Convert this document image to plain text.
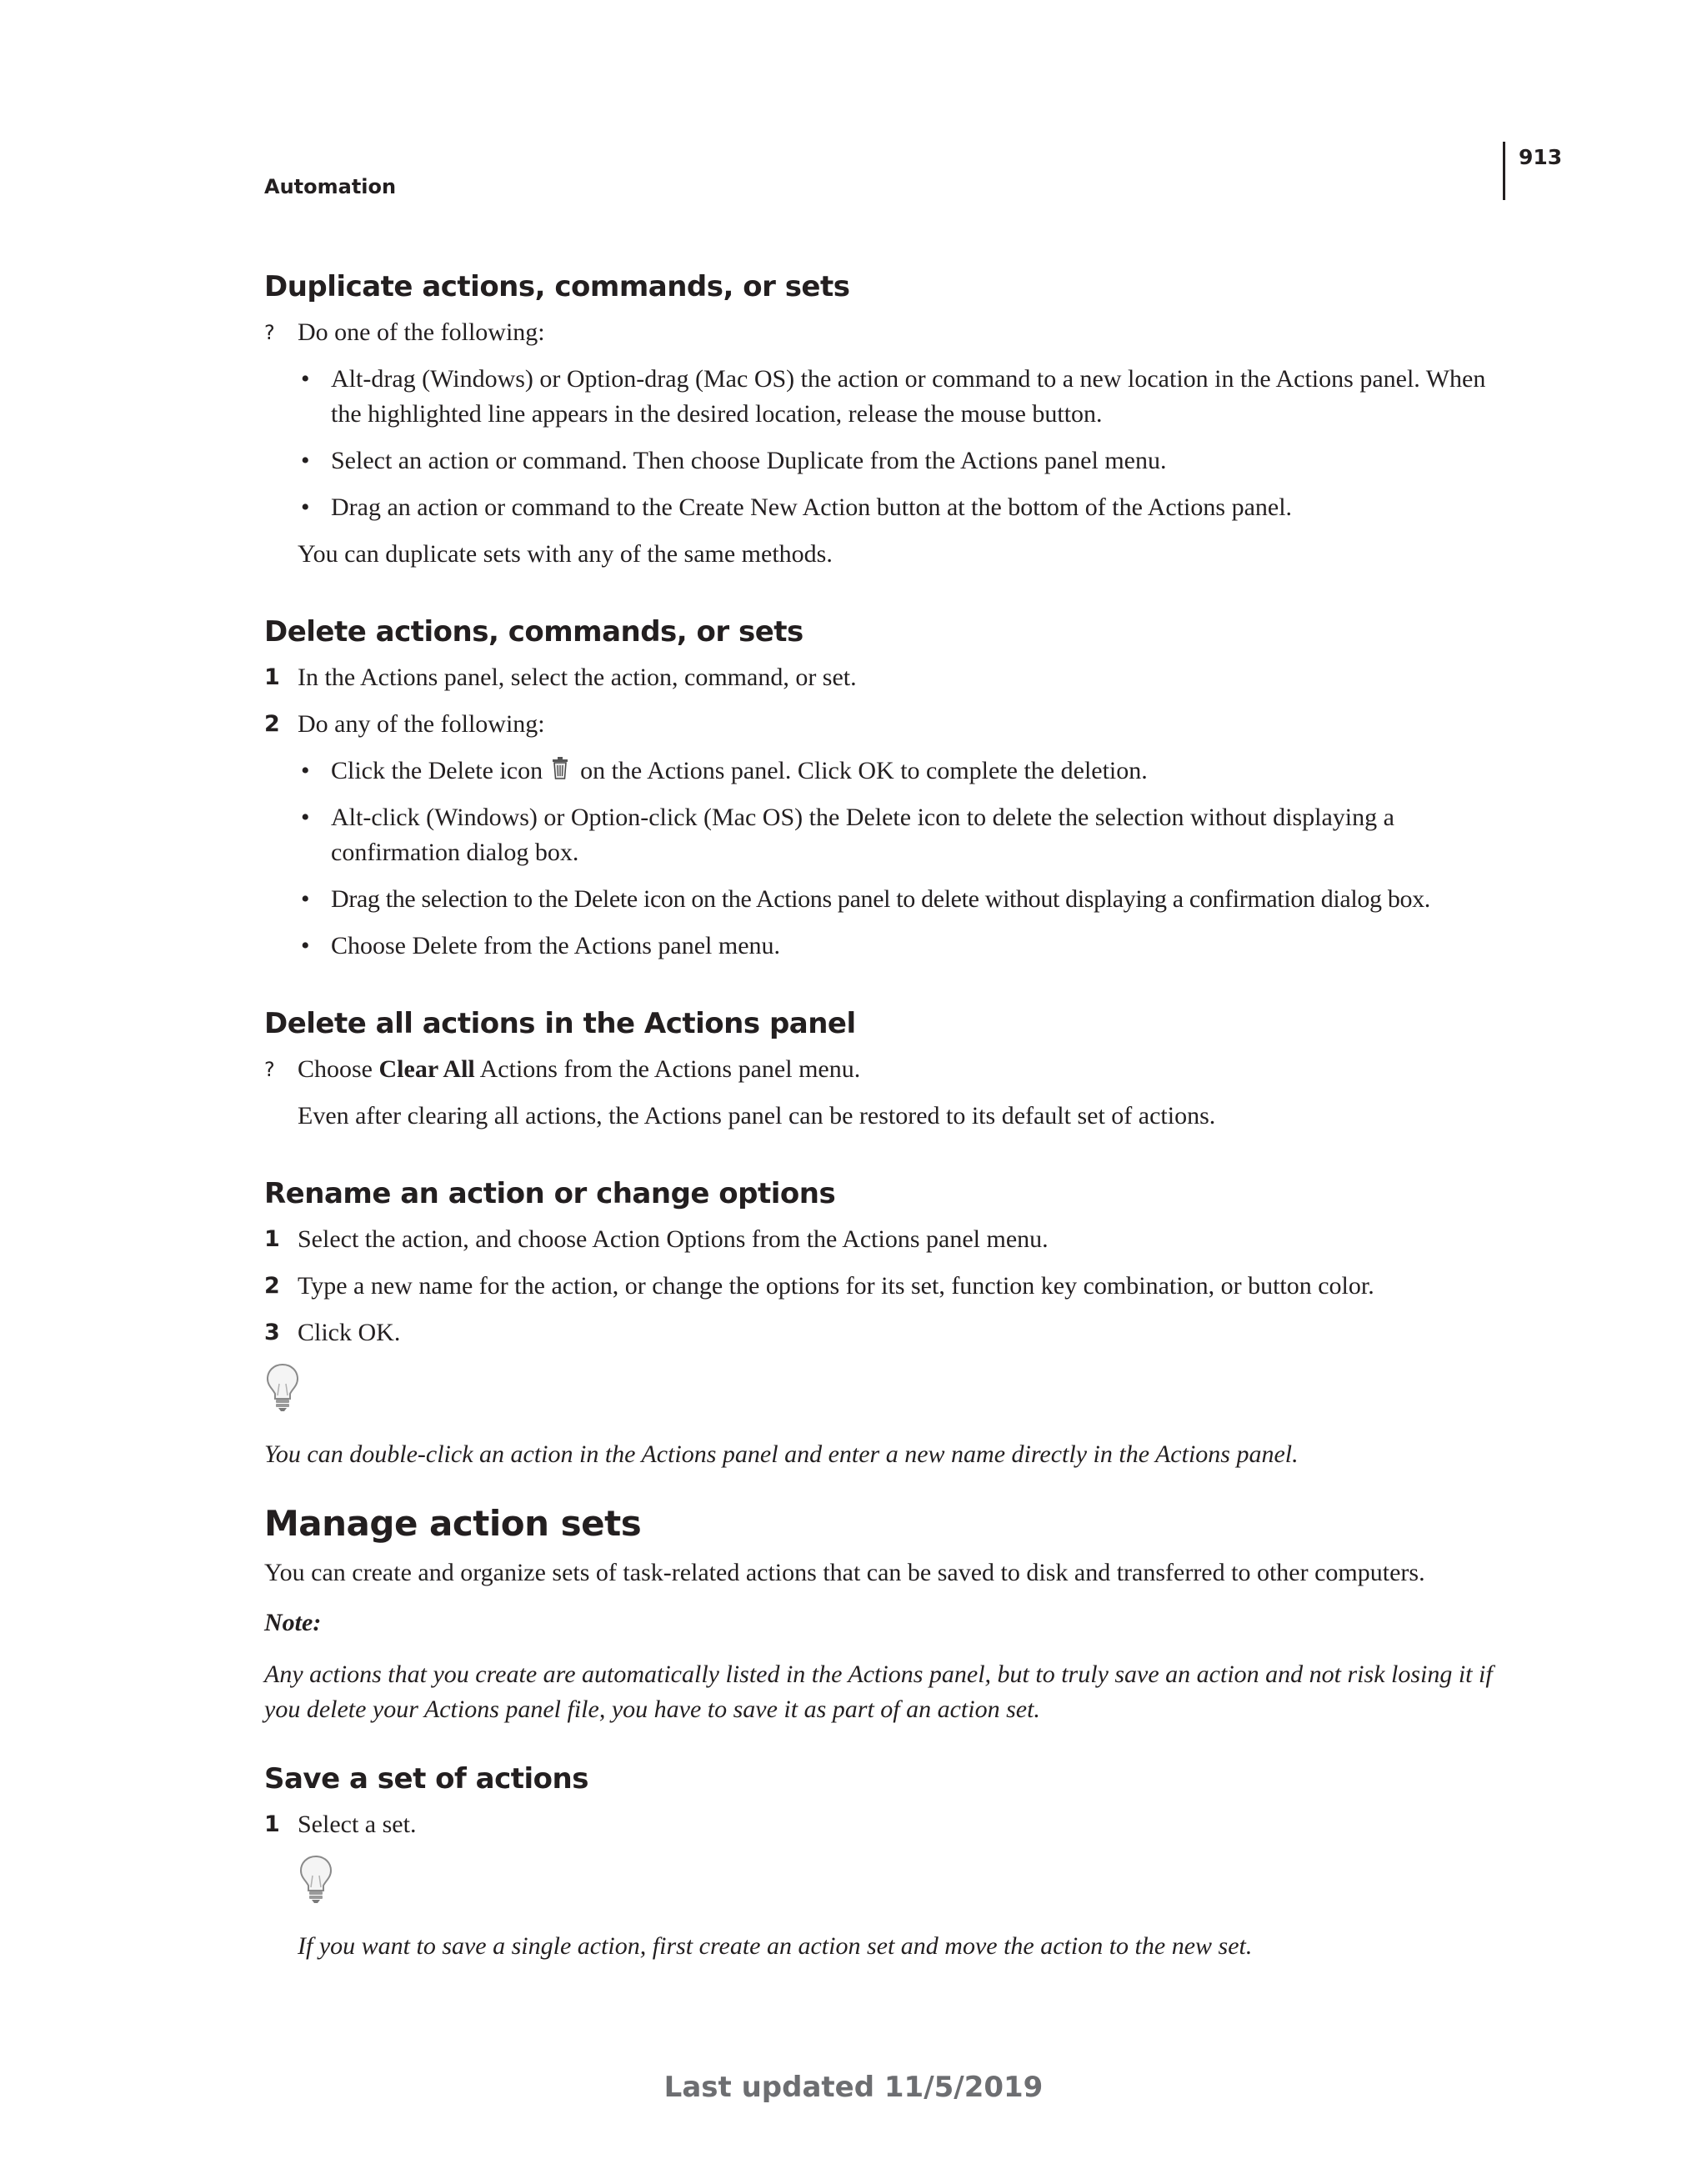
913
Automation
Duplicate actions, commands, or sets
? Do one of the following:
• Alt-drag (Windows) or Option-drag (Mac OS) the action or command to a new location in the Actions panel. When the highlighted line appears in the desired location, release the mouse button.
• Select an action or command. Then choose Duplicate from the Actions panel menu.
• Drag an action or command to the Create New Action button at the bottom of the Actions panel.
You can duplicate sets with any of the same methods.
Delete actions, commands, or sets
1 In the Actions panel, select the action, command, or set.
2 Do any of the following:
• Click the Delete icon on the Actions panel. Click OK to complete the deletion.
• Alt-click (Windows) or Option-click (Mac OS) the Delete icon to delete the selection without displaying a confirmation dialog box.
• Drag the selection to the Delete icon on the Actions panel to delete without displaying a confirmation dialog box.
• Choose Delete from the Actions panel menu.
Delete all actions in the Actions panel
? Choose Clear All Actions from the Actions panel menu.
Even after clearing all actions, the Actions panel can be restored to its default set of actions.
Rename an action or change options
1 Select the action, and choose Action Options from the Actions panel menu.
2 Type a new name for the action, or change the options for its set, function key combination, or button color.
3 Click OK.
You can double-click an action in the Actions panel and enter a new name directly in the Actions panel.
Manage action sets
You can create and organize sets of task-related actions that can be saved to disk and transferred to other computers.
Note:
Any actions that you create are automatically listed in the Actions panel, but to truly save an action and not risk losing it if you delete your Actions panel file, you have to save it as part of an action set.
Save a set of actions
1 Select a set.
If you want to save a single action, first create an action set and move the action to the new set.
Last updated 11/5/2019
